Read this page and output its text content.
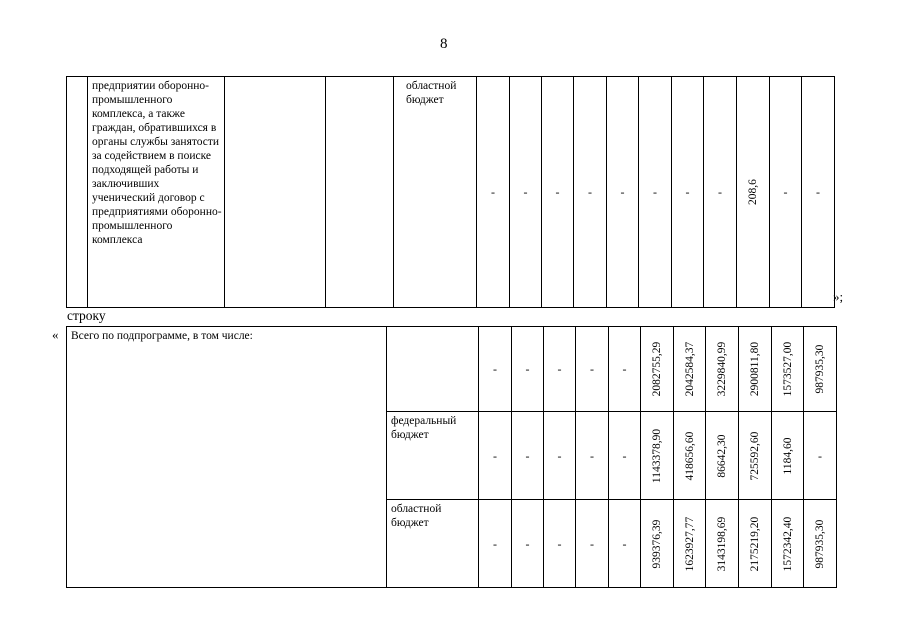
8
	предприятии оборонно-промышленного комплекса, а также граждан, обратившихся в органы службы занятости за содействием в поиске подходящей работы и заключивших ученический договор с предприятиями оборонно-промышленного комплекса			областной бюджет	-	-	-	-	-	-	-	-	208,6	-	-
»;
строку
« Всего по подпрограмме, в том числе:		-	-	-	-	-	2082755,29	2042584,37	3229840,99	2900811,80	1573527,00	987935,30

	федеральный бюджет	-	-	-	-	-	1143378,90	418656,60	86642,30	725592,60	1184,60	-
	областной бюджет	-	-	-	-	-	939376,39	1623927,77	3143198,69	2175219,20	1572342,40	987935,30
